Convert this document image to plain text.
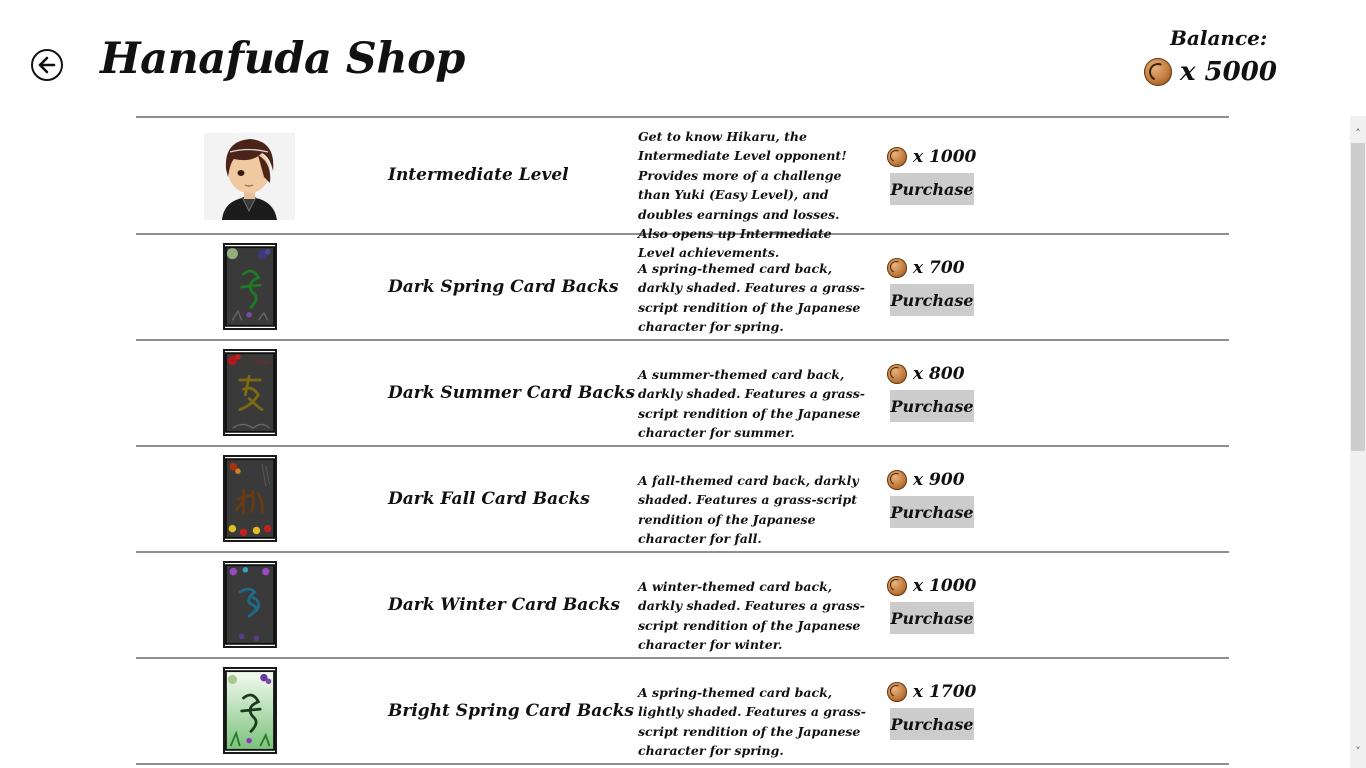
Hanafuda Shop	Balance:
x 5000
Intermediate Level
Get to know Hikaru, the Intermediate Level opponent! Provides more of a challenge than Yuki (Easy Level), and doubles earnings and losses. Also opens up Intermediate Level achievements.
x 1000
Purchase
Dark Spring Card Backs
A spring-themed card back, darkly shaded. Features a grass-script rendition of the Japanese character for spring.
x 700
Purchase
Dark Summer Card Backs
A summer-themed card back, darkly shaded. Features a grass-script rendition of the Japanese character for summer.
x 800
Purchase
Dark Fall Card Backs
A fall-themed card back, darkly shaded. Features a grass-script rendition of the Japanese character for fall.
x 900
Purchase
Dark Winter Card Backs
A winter-themed card back, darkly shaded. Features a grass-script rendition of the Japanese character for winter.
x 1000
Purchase
Bright Spring Card Backs
A spring-themed card back, lightly shaded. Features a grass-script rendition of the Japanese character for spring.
x 1700
Purchase
˄
˅
